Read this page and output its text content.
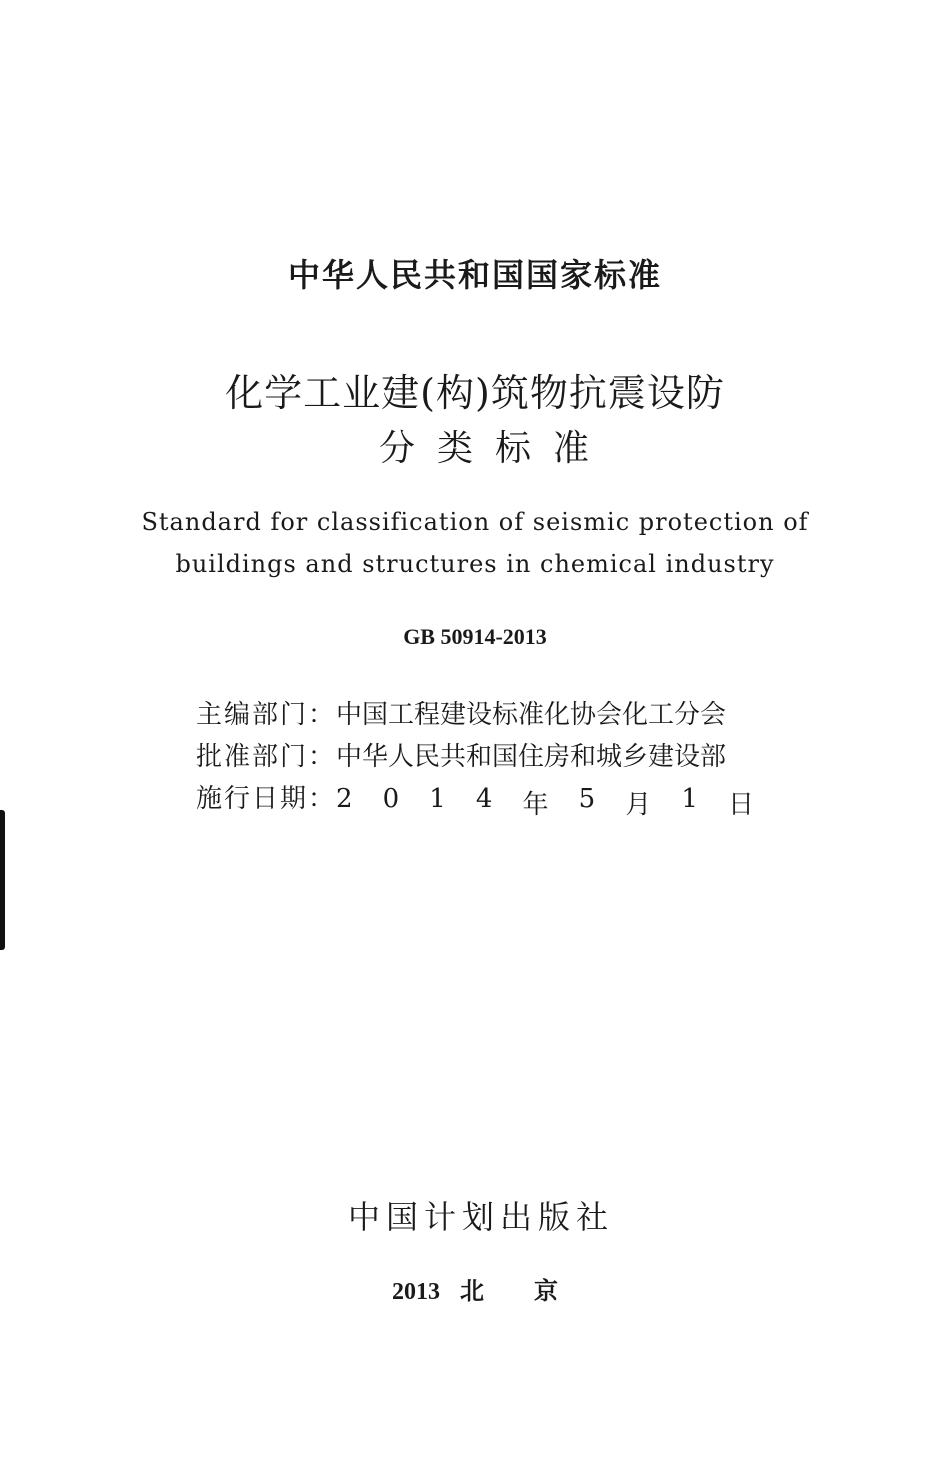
中华人民共和国国家标准
化学工业建(构)筑物抗震设防
分类标准
Standard for classification of seismic protection of
buildings and structures in chemical industry
GB 50914-2013
主编部门：中国工程建设标准化协会化工分会
批准部门：中华人民共和国住房和城乡建设部
施行日期： 2 0 1 4 年 5 月 1 日
中国计划出版社
2013 北 京
